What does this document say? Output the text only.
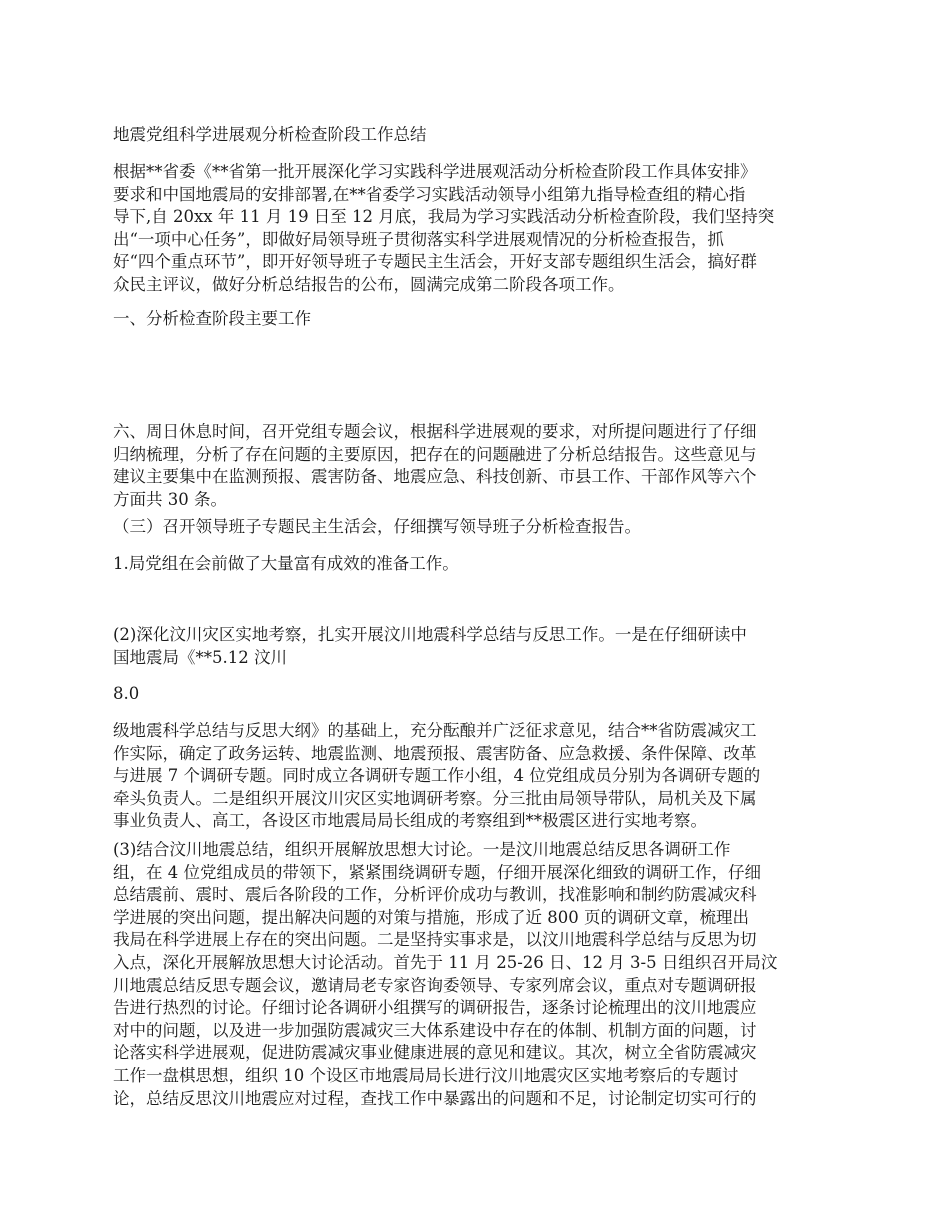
地震党组科学进展观分析检查阶段工作总结

根据**省委《**省第一批开展深化学习实践科学进展观活动分析检查阶段工作具体安排》
要求和中国地震局的安排部署,在**省委学习实践活动领导小组第九指导检查组的精心指
导下,自 20xx 年 11 月 19 日至 12 月底，我局为学习实践活动分析检查阶段，我们坚持突
出“一项中心任务”，即做好局领导班子贯彻落实科学进展观情况的分析检查报告，抓
好“四个重点环节”，即开好领导班子专题民主生活会，开好支部专题组织生活会，搞好群
众民主评议，做好分析总结报告的公布，圆满完成第二阶段各项工作。

一、分析检查阶段主要工作

六、周日休息时间，召开党组专题会议，根据科学进展观的要求，对所提问题进行了仔细
归纳梳理，分析了存在问题的主要原因，把存在的问题融进了分析总结报告。这些意见与
建议主要集中在监测预报、震害防备、地震应急、科技创新、市县工作、干部作风等六个
方面共 30 条。

（三）召开领导班子专题民主生活会，仔细撰写领导班子分析检查报告。

1.局党组在会前做了大量富有成效的准备工作。

(2)深化汶川灾区实地考察，扎实开展汶川地震科学总结与反思工作。一是在仔细研读中
国地震局《**5.12 汶川

8.0

级地震科学总结与反思大纲》的基础上，充分酝酿并广泛征求意见，结合**省防震减灾工
作实际，确定了政务运转、地震监测、地震预报、震害防备、应急救援、条件保障、改革
与进展 7 个调研专题。同时成立各调研专题工作小组，4 位党组成员分别为各调研专题的
牵头负责人。二是组织开展汶川灾区实地调研考察。分三批由局领导带队，局机关及下属
事业负责人、高工，各设区市地震局局长组成的考察组到**极震区进行实地考察。

(3)结合汶川地震总结，组织开展解放思想大讨论。一是汶川地震总结反思各调研工作
组，在 4 位党组成员的带领下，紧紧围绕调研专题，仔细开展深化细致的调研工作，仔细
总结震前、震时、震后各阶段的工作，分析评价成功与教训，找准影响和制约防震减灾科
学进展的突出问题，提出解决问题的对策与措施，形成了近 800 页的调研文章，梳理出
我局在科学进展上存在的突出问题。二是坚持实事求是，以汶川地震科学总结与反思为切
入点，深化开展解放思想大讨论活动。首先于 11 月 25-26 日、12 月 3-5 日组织召开局汶
川地震总结反思专题会议，邀请局老专家咨询委领导、专家列席会议，重点对专题调研报
告进行热烈的讨论。仔细讨论各调研小组撰写的调研报告，逐条讨论梳理出的汶川地震应
对中的问题，以及进一步加强防震减灾三大体系建设中存在的体制、机制方面的问题，讨
论落实科学进展观，促进防震减灾事业健康进展的意见和建议。其次，树立全省防震减灾
工作一盘棋思想，组织 10 个设区市地震局局长进行汶川地震灾区实地考察后的专题讨
论，总结反思汶川地震应对过程，查找工作中暴露出的问题和不足，讨论制定切实可行的
